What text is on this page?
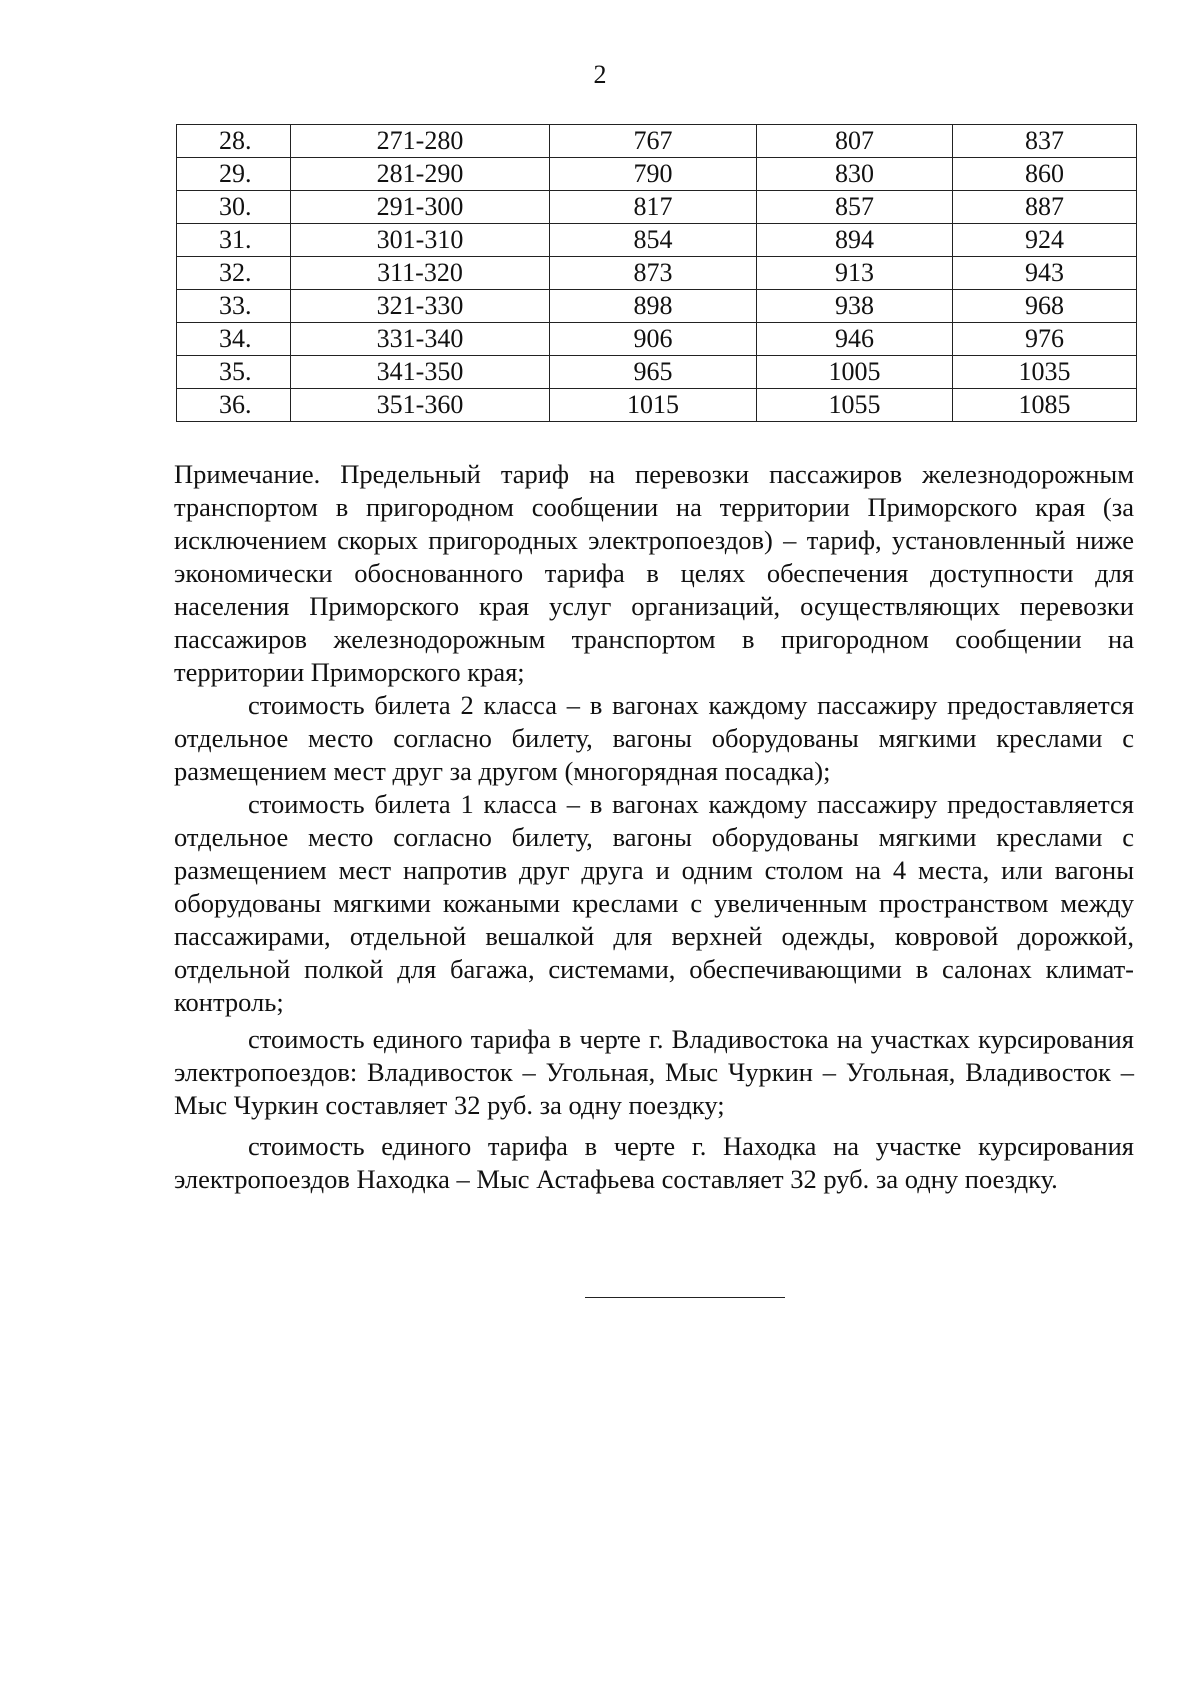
2
28.	271-280	767	807	837
29.	281-290	790	830	860
30.	291-300	817	857	887
31.	301-310	854	894	924
32.	311-320	873	913	943
33.	321-330	898	938	968
34.	331-340	906	946	976
35.	341-350	965	1005	1035
36.	351-360	1015	1055	1085

Примечание. Предельный тариф на перевозки пассажиров железнодорожным транспортом в пригородном сообщении на территории Приморского края (за исключением скорых пригородных электропоездов) – тариф, установленный ниже экономически обоснованного тарифа в целях обеспечения доступности для населения Приморского края услуг организаций, осуществляющих перевозки пассажиров железнодорожным транспортом в пригородном сообщении на территории Приморского края;

стоимость билета 2 класса – в вагонах каждому пассажиру предоставляется отдельное место согласно билету, вагоны оборудованы мягкими креслами с размещением мест друг за другом (многорядная посадка);

стоимость билета 1 класса – в вагонах каждому пассажиру предоставляется отдельное место согласно билету, вагоны оборудованы мягкими креслами с размещением мест напротив друг друга и одним столом на 4 места, или вагоны оборудованы мягкими кожаными креслами с увеличенным пространством между пассажирами, отдельной вешалкой для верхней одежды, ковровой дорожкой, отдельной полкой для багажа, системами, обеспечивающими в салонах климат-контроль;

стоимость единого тарифа в черте г. Владивостока на участках курсирования электропоездов: Владивосток – Угольная, Мыс Чуркин – Угольная, Владивосток – Мыс Чуркин составляет 32 руб. за одну поездку;

стоимость единого тарифа в черте г. Находка на участке курсирования электропоездов Находка – Мыс Астафьева составляет 32 руб. за одну поездку.
